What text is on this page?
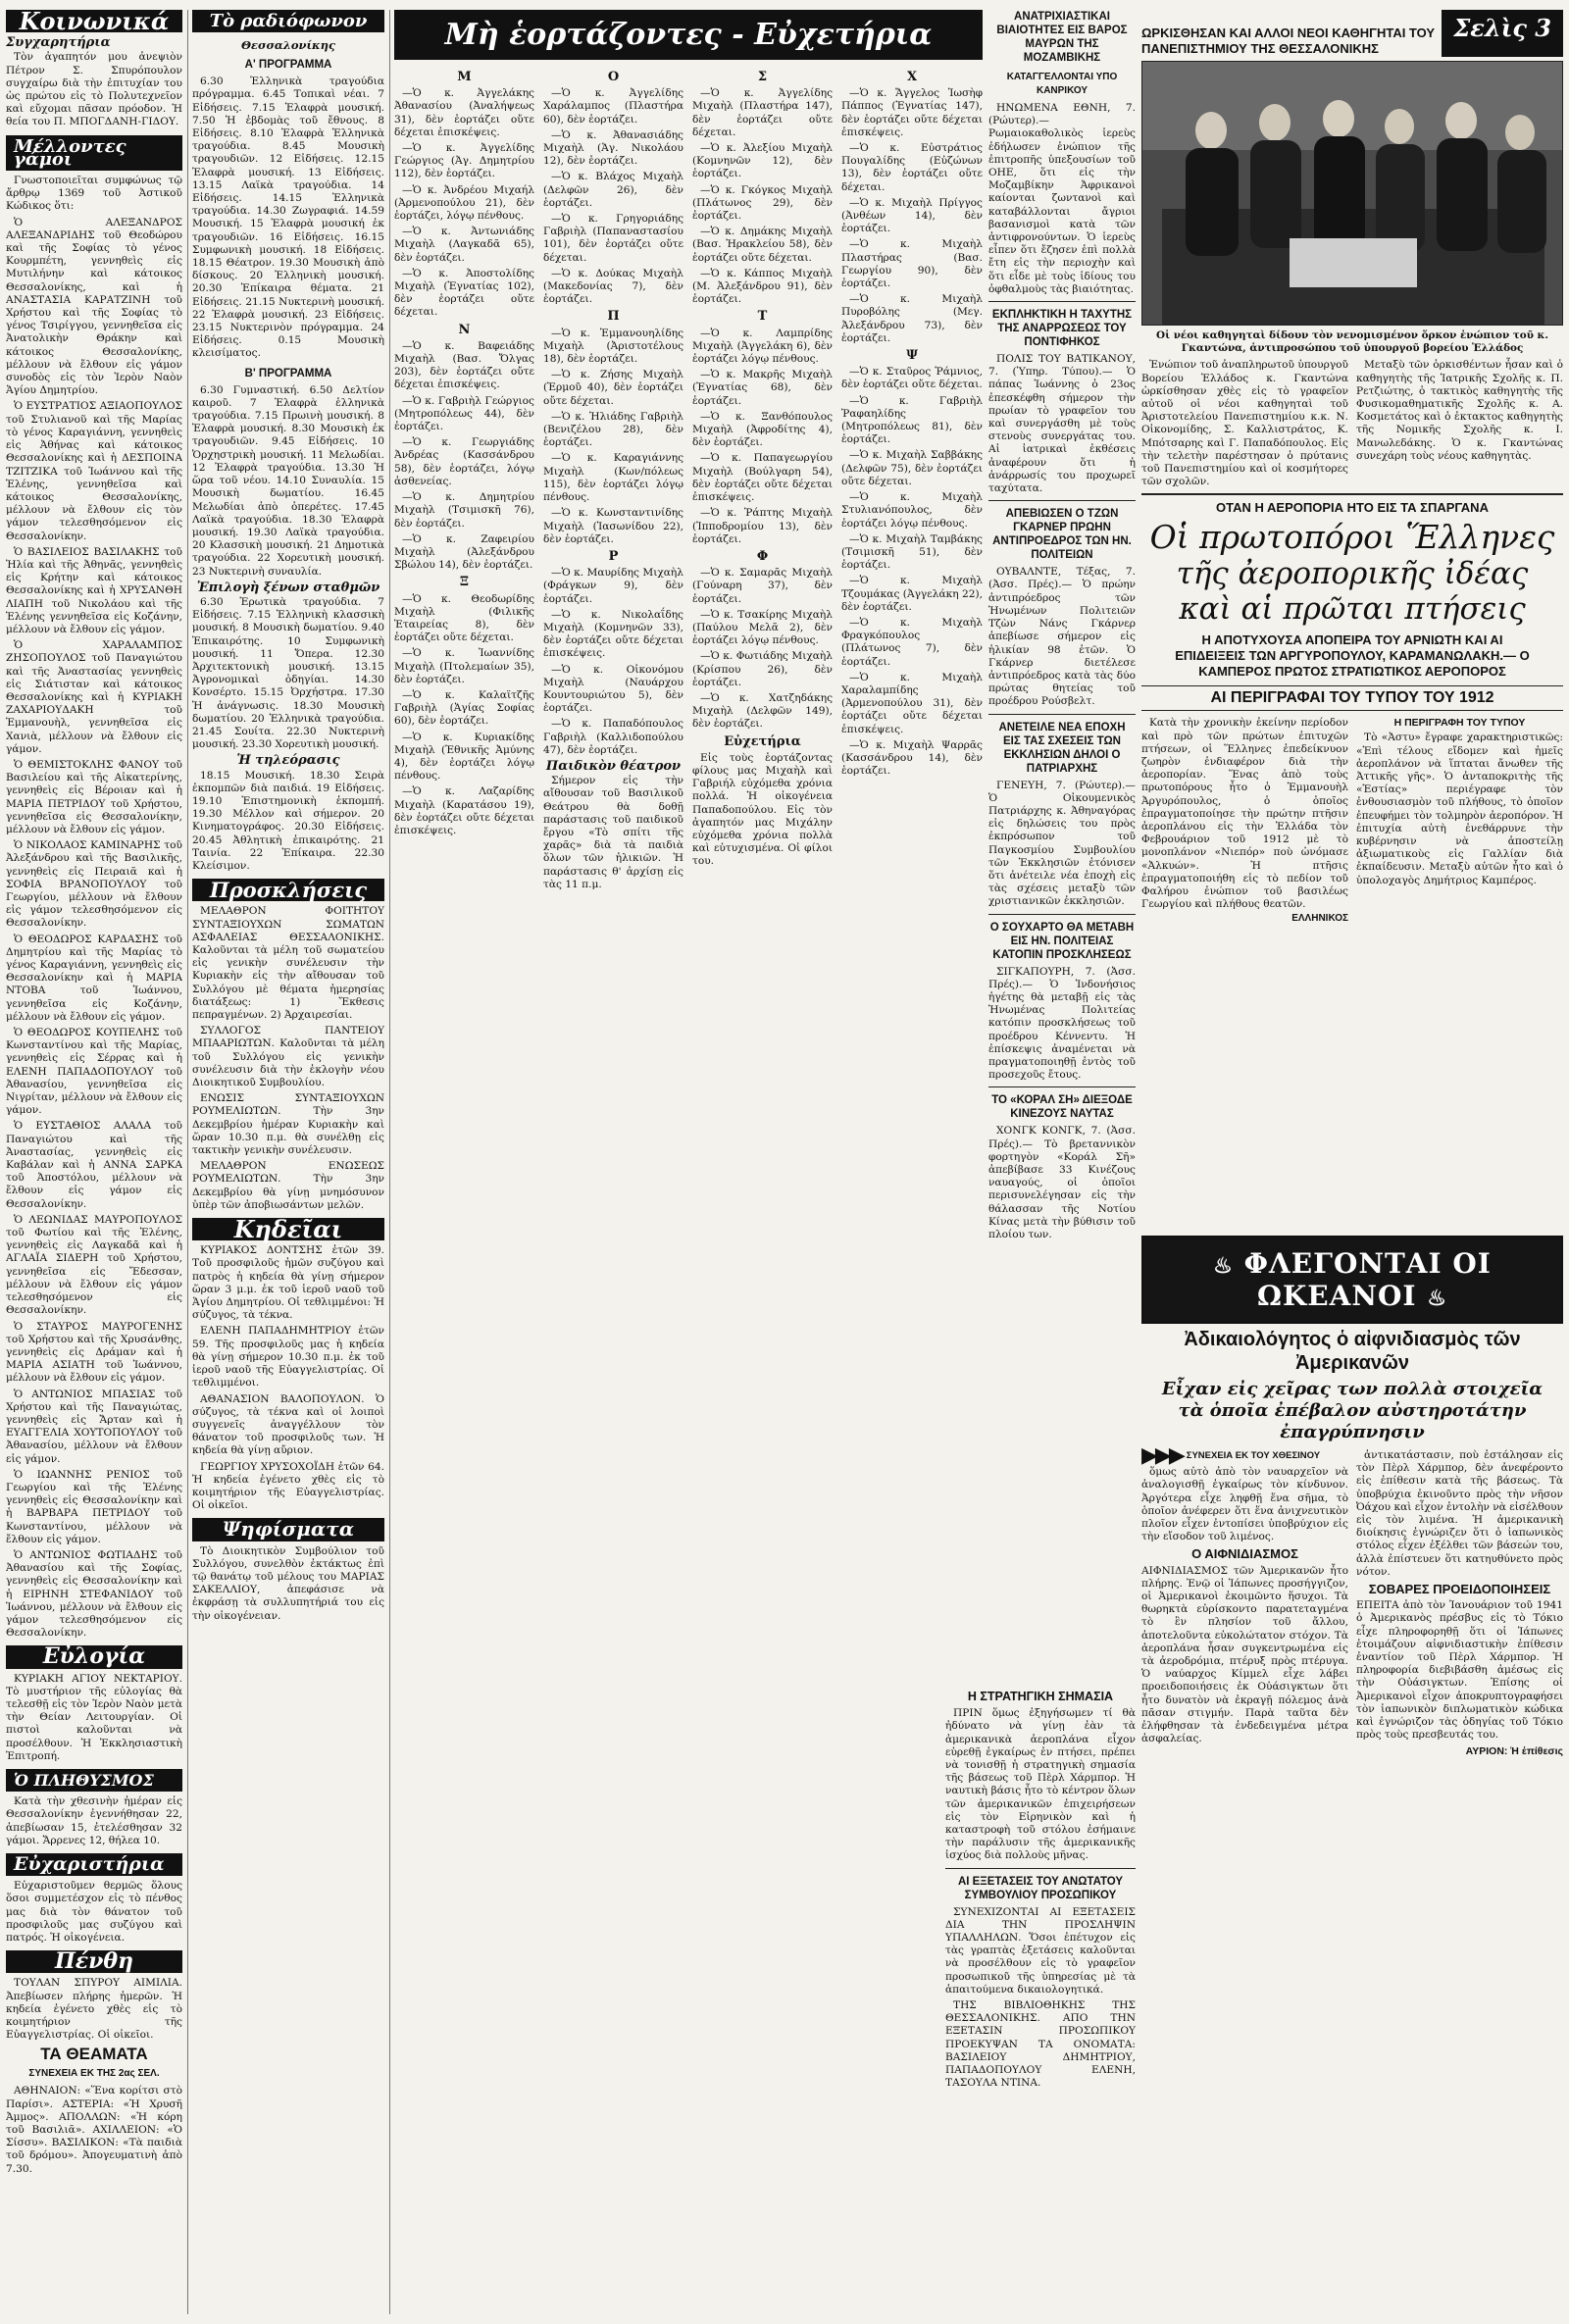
Κοινωνικά
Συγχαρητήρια

Τὸν ἀγαπητόν μου ἀνεψιὸν Πέτρον Σ. Σπυρόπουλον συγχαίρω διὰ τὴν ἐπιτυχίαν του ὡς πρώτου εἰς τὸ Πολυτεχνεῖον καὶ εὔχομαι πᾶσαν πρόοδον. Ἡ θεία του Π. ΜΠΟΓΔΑΝΗ-ΓΙΔΟΥ.

Μέλλοντες γάμοι

Γνωστοποιεῖται συμφώνως τῷ ἄρθρῳ 1369 τοῦ Ἀστικοῦ Κώδικος ὅτι:

Ὁ ΑΛΕΞΑΝΔΡΟΣ ΑΛΕΞΑΝΔΡΙΔΗΣ τοῦ Θεοδώρου καὶ τῆς Σοφίας τὸ γένος Κουρμπέτη, γεννηθεὶς εἰς Μυτιλήνην καὶ κάτοικος Θεσσαλονίκης, καὶ ἡ ΑΝΑΣΤΑΣΙΑ ΚΑΡΑΤΖΙΝΗ τοῦ Χρήστου καὶ τῆς Σοφίας τὸ γένος Τσιρίγγου, γεννηθεῖσα εἰς Ἀνατολικὴν Θράκην καὶ κάτοικος Θεσσαλονίκης, μέλλουν νὰ ἔλθουν εἰς γάμον συνοδὸς εἰς τὸν Ἱερὸν Ναὸν Ἁγίου Δημητρίου.

Ὁ ΕΥΣΤΡΑΤΙΟΣ ΑΞΙΑΟΠΟΥΛΟΣ τοῦ Στυλιανοῦ καὶ τῆς Μαρίας τὸ γένος Καραγιάννη, γεννηθεὶς εἰς Ἀθήνας καὶ κάτοικος Θεσσαλονίκης καὶ ἡ ΔΕΣΠΟΙΝΑ ΤΖΙΤΖΙΚΑ τοῦ Ἰωάννου καὶ τῆς Ἑλένης, γεννηθεῖσα καὶ κάτοικος Θεσσαλονίκης, μέλλουν νὰ ἔλθουν εἰς τὸν γάμον τελεσθησόμενον εἰς Θεσσαλονίκην.

Ὁ ΒΑΣΙΛΕΙΟΣ ΒΑΣΙΛΑΚΗΣ τοῦ Ἠλία καὶ τῆς Ἀθηνᾶς, γεννηθεὶς εἰς Κρήτην καὶ κάτοικος Θεσσαλονίκης καὶ ἡ ΧΡΥΣΑΝΘΗ ΛΙΑΠΗ τοῦ Νικολάου καὶ τῆς Ἑλένης γεννηθεῖσα εἰς Κοζάνην, μέλλουν νὰ ἔλθουν εἰς γάμον.

Ὁ ΧΑΡΑΛΑΜΠΟΣ ΖΗΣΟΠΟΥΛΟΣ τοῦ Παναγιώτου καὶ τῆς Ἀναστασίας γεννηθεὶς εἰς Σιάτισταν καὶ κάτοικος Θεσσαλονίκης καὶ ἡ ΚΥΡΙΑΚΗ ΖΑΧΑΡΙΟΥΔΑΚΗ τοῦ Ἐμμανουὴλ, γεννηθεῖσα εἰς Χανιὰ, μέλλουν νὰ ἔλθουν εἰς γάμον.

Ὁ ΘΕΜΙΣΤΟΚΛΗΣ ΦΑΝΟΥ τοῦ Βασιλείου καὶ τῆς Αἰκατερίνης, γεννηθεὶς εἰς Βέροιαν καὶ ἡ ΜΑΡΙΑ ΠΕΤΡΙΔΟΥ τοῦ Χρήστου, γεννηθεῖσα εἰς Θεσσαλονίκην, μέλλουν νὰ ἔλθουν εἰς γάμον.

Ὁ ΝΙΚΟΛΑΟΣ ΚΑΜΙΝΑΡΗΣ τοῦ Ἀλεξάνδρου καὶ τῆς Βασιλικῆς, γεννηθεὶς εἰς Πειραιᾶ καὶ ἡ ΣΟΦΙΑ ΒΡΑΝΟΠΟΥΛΟΥ τοῦ Γεωργίου, μέλλουν νὰ ἔλθουν εἰς γάμον τελεσθησόμενον εἰς Θεσσαλονίκην.

Ὁ ΘΕΟΔΩΡΟΣ ΚΑΡΔΑΣΗΣ τοῦ Δημητρίου καὶ τῆς Μαρίας τὸ γένος Καραγιάννη, γεννηθεὶς εἰς Θεσσαλονίκην καὶ ἡ ΜΑΡΙΑ ΝΤΟΒΑ τοῦ Ἰωάννου, γεννηθεῖσα εἰς Κοζάνην, μέλλουν νὰ ἔλθουν εἰς γάμον.

Ὁ ΘΕΟΔΩΡΟΣ ΚΟΥΠΕΛΗΣ τοῦ Κωνσταντίνου καὶ τῆς Μαρίας, γεννηθεὶς εἰς Σέρρας καὶ ἡ ΕΛΕΝΗ ΠΑΠΑΔΟΠΟΥΛΟΥ τοῦ Ἀθανασίου, γεννηθεῖσα εἰς Νιγρίταν, μέλλουν νὰ ἔλθουν εἰς γάμον.

Ὁ ΕΥΣΤΑΘΙΟΣ ΑΛΑΛΑ τοῦ Παναγιώτου καὶ τῆς Ἀναστασίας, γεννηθεὶς εἰς Καβάλαν καὶ ἡ ΑΝΝΑ ΣΑΡΚΑ τοῦ Ἀποστόλου, μέλλουν νὰ ἔλθουν εἰς γάμον εἰς Θεσσαλονίκην.

Ὁ ΛΕΩΝΙΔΑΣ ΜΑΥΡΟΠΟΥΛΟΣ τοῦ Φωτίου καὶ τῆς Ἑλένης, γεννηθεὶς εἰς Λαγκαδᾶ καὶ ἡ ΑΓΛΑΪΑ ΣΙΔΕΡΗ τοῦ Χρήστου, γεννηθεῖσα εἰς Ἔδεσσαν, μέλλουν νὰ ἔλθουν εἰς γάμον τελεσθησόμενον εἰς Θεσσαλονίκην.

Ὁ ΣΤΑΥΡΟΣ ΜΑΥΡΟΓΕΝΗΣ τοῦ Χρήστου καὶ τῆς Χρυσάνθης, γεννηθεὶς εἰς Δράμαν καὶ ἡ ΜΑΡΙΑ ΑΣΙΑΤΗ τοῦ Ἰωάννου, μέλλουν νὰ ἔλθουν εἰς γάμον.

Ὁ ΑΝΤΩΝΙΟΣ ΜΠΑΣΙΑΣ τοῦ Χρήστου καὶ τῆς Παναγιώτας, γεννηθεὶς εἰς Ἄρταν καὶ ἡ ΕΥΑΓΓΕΛΙΑ ΧΟΥΤΟΠΟΥΛΟΥ τοῦ Ἀθανασίου, μέλλουν νὰ ἔλθουν εἰς γάμον.

Ὁ ΙΩΑΝΝΗΣ ΡΕΝΙΟΣ τοῦ Γεωργίου καὶ τῆς Ἑλένης γεννηθεὶς εἰς Θεσσαλονίκην καὶ ἡ ΒΑΡΒΑΡΑ ΠΕΤΡΙΔΟΥ τοῦ Κωνσταντίνου, μέλλουν νὰ ἔλθουν εἰς γάμον.

Ὁ ΑΝΤΩΝΙΟΣ ΦΩΤΙΑΔΗΣ τοῦ Ἀθανασίου καὶ τῆς Σοφίας, γεννηθεὶς εἰς Θεσσαλονίκην καὶ ἡ ΕΙΡΗΝΗ ΣΤΕΦΑΝΙΔΟΥ τοῦ Ἰωάννου, μέλλουν νὰ ἔλθουν εἰς γάμον τελεσθησόμενον εἰς Θεσσαλονίκην.

Εὐλογία

ΚΥΡΙΑΚΗ ΑΓΙΟΥ ΝΕΚΤΑΡΙΟΥ. Τὸ μυστήριον τῆς εὐλογίας θὰ τελεσθῇ εἰς τὸν Ἱερὸν Ναὸν μετὰ τὴν Θείαν Λειτουργίαν. Οἱ πιστοὶ καλοῦνται νὰ προσέλθουν. Ἡ Ἐκκλησιαστικὴ Ἐπιτροπή.

Ὁ ΠΛΗΘΥΣΜΟΣ

Κατὰ τὴν χθεσινὴν ἡμέραν εἰς Θεσσαλονίκην ἐγεννήθησαν 22, ἀπεβίωσαν 15, ἐτελέσθησαν 32 γάμοι. Ἄρρενες 12, θήλεα 10.

Εὐχαριστήρια

Εὐχαριστοῦμεν θερμῶς ὅλους ὅσοι συμμετέσχον εἰς τὸ πένθος μας διὰ τὸν θάνατον τοῦ προσφιλοῦς μας συζύγου καὶ πατρός. Ἡ οἰκογένεια.

Πένθη

ΤΟΥΛΑΝ ΣΠΥΡΟΥ ΑΙΜΙΛΙΑ. Ἀπεβίωσεν πλήρης ἡμερῶν. Ἡ κηδεία ἐγένετο χθὲς εἰς τὸ κοιμητήριον τῆς Εὐαγγελιστρίας. Οἱ οἰκεῖοι.

ΤΑ ΘΕΑΜΑΤΑ
ΣΥΝΕΧΕΙΑ ΕΚ ΤΗΣ 2ας ΣΕΛ.

ΑΘΗΝΑΙΟΝ: «Ἕνα κορίτσι στὸ Παρίσι». ΑΣΤΕΡΙΑ: «Ἡ Χρυσῆ Ἀμμος». ΑΠΟΛΛΩΝ: «Ἡ κόρη τοῦ Βασιλιᾶ». ΑΧΙΛΛΕΙΟΝ: «Ὁ Σίσσυ». ΒΑΣΙΛΙΚΟΝ: «Τὰ παιδιὰ τοῦ δρόμου». Ἀπογευματινὴ ἀπὸ 7.30.

Τὸ ραδιόφωνον
Θεσσαλονίκης
Α' ΠΡΟΓΡΑΜΜΑ

6.30 Ἐλληνικὰ τραγούδια πρόγραμμα. 6.45 Τοπικαὶ νέαι. 7 Εἰδήσεις. 7.15 Ἑλαφρὰ μουσική. 7.50 Ἡ ἑβδομὰς τοῦ ἔθνους. 8 Εἰδήσεις. 8.10 Ἑλαφρὰ Ἑλληνικὰ τραγούδια. 8.45 Μουσικὴ τραγουδιῶν. 12 Εἰδήσεις. 12.15 Ἐλαφρὰ μουσική. 13 Εἰδήσεις. 13.15 Λαϊκὰ τραγούδια. 14 Εἰδήσεις. 14.15 Ἑλληνικὰ τραγούδια. 14.30 Ζωγραφιά. 14.59 Μουσική. 15 Ἑλαφρὰ μουσική ἐκ τραγουδιῶν. 16 Εἰδήσεις. 16.15 Συμφωνικὴ μουσική. 18 Εἰδήσεις. 18.15 Θέατρον. 19.30 Μουσικὴ ἀπὸ δίσκους. 20 Ἑλληνικὴ μουσική. 20.30 Ἐπίκαιρα θέματα. 21 Εἰδήσεις. 21.15 Νυκτερινὴ μουσική. 22 Ἑλαφρὰ μουσική. 23 Εἰδήσεις. 23.15 Νυκτερινὸν πρόγραμμα. 24 Εἰδήσεις. 0.15 Μουσικὴ κλεισίματος.

Β' ΠΡΟΓΡΑΜΜΑ

6.30 Γυμναστική. 6.50 Δελτίον καιροῦ. 7 Ἑλαφρὰ ἑλληνικὰ τραγούδια. 7.15 Πρωινὴ μουσική. 8 Ἑλαφρὰ μουσική. 8.30 Μουσικὴ ἐκ τραγουδιῶν. 9.45 Εἰδήσεις. 10 Ὁρχηστρικὴ μουσική. 11 Μελωδίαι. 12 Ἐλαφρὰ τραγούδια. 13.30 Ἡ ὥρα τοῦ νέου. 14.10 Συναυλία. 15 Μουσικὴ δωματίου. 16.45 Μελωδίαι ἀπὸ ὀπερέτες. 17.45 Λαϊκὰ τραγούδια. 18.30 Ἑλαφρὰ μουσική. 19.30 Λαϊκὰ τραγούδια. 20 Κλασσικὴ μουσική. 21 Δημοτικὰ τραγούδια. 22 Χορευτικὴ μουσική. 23 Νυκτερινὴ συναυλία.

Ἐπιλογὴ ξένων σταθμῶν

6.30 Ἐρωτικὰ τραγούδια. 7 Εἰδήσεις. 7.15 Ἑλληνικὴ κλασσικὴ μουσική. 8 Μουσικὴ δωματίου. 9.40 Ἐπικαιρότης. 10 Συμφωνικὴ μουσική. 11 Ὄπερα. 12.30 Ἀρχιτεκτονικὴ μουσική. 13.15 Ἀγρονομικαὶ ὁδηγίαι. 14.30 Κονσέρτο. 15.15 Ὀρχήστρα. 17.30 Ἡ ἀνάγνωσις. 18.30 Μουσικὴ δωματίου. 20 Ἑλληνικὰ τραγούδια. 21.45 Σουίτα. 22.30 Νυκτερινὴ μουσική. 23.30 Χορευτικὴ μουσική.

Ἡ τηλεόρασις

18.15 Μουσική. 18.30 Σειρὰ ἐκπομπῶν διὰ παιδιά. 19 Εἰδήσεις. 19.10 Ἐπιστημονικὴ ἐκπομπή. 19.30 Μέλλον καὶ σήμερον. 20 Κινηματογράφος. 20.30 Εἰδήσεις. 20.45 Ἀθλητικὴ ἐπικαιρότης. 21 Ταινία. 22 Ἐπίκαιρα. 22.30 Κλείσιμον.

Προσκλήσεις

ΜΕΛΑΘΡΟΝ ΦΟΙΤΗΤΟΥ ΣΥΝΤΑΞΙΟΥΧΩΝ ΣΩΜΑΤΩΝ ΑΣΦΑΛΕΙΑΣ ΘΕΣΣΑΛΟΝΙΚΗΣ. Καλοῦνται τὰ μέλη τοῦ σωματείου εἰς γενικὴν συνέλευσιν τὴν Κυριακὴν εἰς τὴν αἴθουσαν τοῦ Συλλόγου μὲ θέματα ἡμερησίας διατάξεως: 1) Ἔκθεσις πεπραγμένων. 2) Ἀρχαιρεσίαι.

ΣΥΛΛΟΓΟΣ ΠΑΝΤΕΙΟΥ ΜΠΑΑΡΙΩΤΩΝ. Καλοῦνται τὰ μέλη τοῦ Συλλόγου εἰς γενικὴν συνέλευσιν διὰ τὴν ἐκλογὴν νέου Διοικητικοῦ Συμβουλίου.

ΕΝΩΣΙΣ ΣΥΝΤΑΞΙΟΥΧΩΝ ΡΟΥΜΕΛΙΩΤΩΝ. Τὴν 3ην Δεκεμβρίου ἡμέραν Κυριακὴν καὶ ὥραν 10.30 π.μ. θὰ συνέλθῃ εἰς τακτικὴν γενικὴν συνέλευσιν.

ΜΕΛΑΘΡΟΝ ΕΝΩΣΕΩΣ ΡΟΥΜΕΛΙΩΤΩΝ. Τὴν 3ην Δεκεμβρίου θὰ γίνῃ μνημόσυνον ὑπὲρ τῶν ἀποβιωσάντων μελῶν.

Κηδεῖαι

ΚΥΡΙΑΚΟΣ ΔΟΝΤΣΗΣ ἐτῶν 39. Τοῦ προσφιλοῦς ἡμῶν συζύγου καὶ πατρὸς ἡ κηδεία θὰ γίνῃ σήμερον ὥραν 3 μ.μ. ἐκ τοῦ ἱεροῦ ναοῦ τοῦ Ἁγίου Δημητρίου. Οἱ τεθλιμμένοι: Ἡ σύζυγος, τὰ τέκνα.

ΕΛΕΝΗ ΠΑΠΑΔΗΜΗΤΡΙΟΥ ἐτῶν 59. Τῆς προσφιλοῦς μας ἡ κηδεία θὰ γίνῃ σήμερον 10.30 π.μ. ἐκ τοῦ ἱεροῦ ναοῦ τῆς Εὐαγγελιστρίας. Οἱ τεθλιμμένοι.

ΑΘΑΝΑΣΙΟΝ ΒΑΛΟΠΟΥΛΟΝ. Ὁ σύζυγος, τὰ τέκνα καὶ οἱ λοιποὶ συγγενεῖς ἀναγγέλλουν τὸν θάνατον τοῦ προσφιλοῦς των. Ἡ κηδεία θὰ γίνῃ αὔριον.

ΓΕΩΡΓΙΟΥ ΧΡΥΣΟΧΟΪΔΗ ἐτῶν 64. Ἡ κηδεία ἐγένετο χθὲς εἰς τὸ κοιμητήριον τῆς Εὐαγγελιστρίας. Οἱ οἰκεῖοι.

Ψηφίσματα

Τὸ Διοικητικὸν Συμβούλιον τοῦ Συλλόγου, συνελθὸν ἐκτάκτως ἐπὶ τῷ θανάτῳ τοῦ μέλους του ΜΑΡΙΑΣ ΣΑΚΕΛΛΙΟΥ, ἀπεφάσισε νὰ ἐκφράσῃ τὰ συλλυπητήριά του εἰς τὴν οἰκογένειαν.

Μὴ ἑορτάζοντες - Εὐχετήρια
Μ

—Ὁ κ. Ἀγγελάκης Ἀθανασίου (Ἀναλήψεως 31), δὲν ἑορτάζει οὔτε δέχεται ἐπισκέψεις.

—Ὁ κ. Ἀγγελίδης Γεώργιος (Ἀγ. Δημητρίου 112), δὲν ἑορτάζει.

—Ὁ κ. Ἀνδρέου Μιχαήλ (Ἀρμενοπούλου 21), δὲν ἑορτάζει, λόγῳ πένθους.

—Ὁ κ. Ἀντωνιάδης Μιχαὴλ (Λαγκαδᾶ 65), δὲν ἑορτάζει.

—Ὁ κ. Ἀποστολίδης Μιχαὴλ (Ἐγνατίας 102), δὲν ἑορτάζει οὔτε δέχεται.

Ν

—Ὁ κ. Βαφειάδης Μιχαὴλ (Βασ. Ὄλγας 203), δὲν ἑορτάζει οὔτε δέχεται ἐπισκέψεις.

—Ὁ κ. Γαβριὴλ Γεώργιος (Μητροπόλεως 44), δὲν ἑορτάζει.

—Ὁ κ. Γεωργιάδης Ἀνδρέας (Κασσάνδρου 58), δὲν ἑορτάζει, λόγῳ ἀσθενείας.

—Ὁ κ. Δημητρίου Μιχαὴλ (Τσιμισκῆ 76), δὲν ἑορτάζει.

—Ὁ κ. Ζαφειρίου Μιχαὴλ (Ἀλεξάνδρου Σβώλου 14), δὲν ἑορτάζει.

Ξ

—Ὁ κ. Θεοδωρίδης Μιχαὴλ (Φιλικῆς Ἑταιρείας 8), δὲν ἑορτάζει οὔτε δέχεται.

—Ὁ κ. Ἰωαννίδης Μιχαὴλ (Πτολεμαίων 35), δὲν ἑορτάζει.

—Ὁ κ. Καλαϊτζῆς Γαβριὴλ (Ἁγίας Σοφίας 60), δὲν ἑορτάζει.

—Ὁ κ. Κυριακίδης Μιχαὴλ (Ἐθνικῆς Ἀμύνης 4), δὲν ἑορτάζει λόγῳ πένθους.

—Ὁ κ. Λαζαρίδης Μιχαὴλ (Καρατάσου 19), δὲν ἑορτάζει οὔτε δέχεται ἐπισκέψεις.

Ο

—Ὁ κ. Ἀγγελίδης Χαράλαμπος (Πλαστήρα 60), δὲν ἑορτάζει.

—Ὁ κ. Ἀθανασιάδης Μιχαὴλ (Ἁγ. Νικολάου 12), δὲν ἑορτάζει.

—Ὁ κ. Βλάχος Μιχαὴλ (Δελφῶν 26), δὲν ἑορτάζει.

—Ὁ κ. Γρηγοριάδης Γαβριὴλ (Παπαναστασίου 101), δὲν ἑορτάζει οὔτε δέχεται.

—Ὁ κ. Δούκας Μιχαὴλ (Μακεδονίας 7), δὲν ἑορτάζει.

Π

—Ὁ κ. Ἐμμανουηλίδης Μιχαὴλ (Ἀριστοτέλους 18), δὲν ἑορτάζει.

—Ὁ κ. Ζήσης Μιχαὴλ (Ἑρμοῦ 40), δὲν ἑορτάζει οὔτε δέχεται.

—Ὁ κ. Ἠλιάδης Γαβριὴλ (Βενιζέλου 28), δὲν ἑορτάζει.

—Ὁ κ. Καραγιάννης Μιχαὴλ (Κων/πόλεως 115), δὲν ἑορτάζει λόγῳ πένθους.

—Ὁ κ. Κωνσταντινίδης Μιχαὴλ (Ἰασωνίδου 22), δὲν ἑορτάζει.

Ρ

—Ὁ κ. Μαυρίδης Μιχαὴλ (Φράγκων 9), δὲν ἑορτάζει.

—Ὁ κ. Νικολαΐδης Μιχαὴλ (Κομνηνῶν 33), δὲν ἑορτάζει οὔτε δέχεται ἐπισκέψεις.

—Ὁ κ. Οἰκονόμου Μιχαὴλ (Ναυάρχου Κουντουριώτου 5), δὲν ἑορτάζει.

—Ὁ κ. Παπαδόπουλος Γαβριὴλ (Καλλιδοπούλου 47), δὲν ἑορτάζει.

Παιδικὸν θέατρον

Σήμερον εἰς τὴν αἴθουσαν τοῦ Βασιλικοῦ Θεάτρου θὰ δοθῇ παράστασις τοῦ παιδικοῦ ἔργου «Τὸ σπίτι τῆς χαρᾶς» διὰ τὰ παιδιὰ ὅλων τῶν ἡλικιῶν. Ἡ παράστασις θ' ἀρχίσῃ εἰς τὰς 11 π.μ.

Σ

—Ὁ κ. Ἀγγελίδης Μιχαὴλ (Πλαστήρα 147), δὲν ἑορτάζει οὔτε δέχεται.

—Ὁ κ. Ἀλεξίου Μιχαὴλ (Κομνηνῶν 12), δὲν ἑορτάζει.

—Ὁ κ. Γκόγκος Μιχαὴλ (Πλάτωνος 29), δὲν ἑορτάζει.

—Ὁ κ. Δημάκης Μιχαὴλ (Βασ. Ἡρακλείου 58), δὲν ἑορτάζει οὔτε δέχεται.

—Ὁ κ. Κάππος Μιχαὴλ (Μ. Ἀλεξάνδρου 91), δὲν ἑορτάζει.

Τ

—Ὁ κ. Λαμπρίδης Μιχαὴλ (Ἀγγελάκη 6), δὲν ἑορτάζει λόγῳ πένθους.

—Ὁ κ. Μακρῆς Μιχαὴλ (Ἐγνατίας 68), δὲν ἑορτάζει.

—Ὁ κ. Ξανθόπουλος Μιχαὴλ (Ἀφροδίτης 4), δὲν ἑορτάζει.

—Ὁ κ. Παπαγεωργίου Μιχαὴλ (Βούλγαρη 54), δὲν ἑορτάζει οὔτε δέχεται ἐπισκέψεις.

—Ὁ κ. Ῥάπτης Μιχαὴλ (Ἰπποδρομίου 13), δὲν ἑορτάζει.

Φ

—Ὁ κ. Σαμαρᾶς Μιχαὴλ (Γούναρη 37), δὲν ἑορτάζει.

—Ὁ κ. Τσακίρης Μιχαὴλ (Παύλου Μελᾶ 2), δὲν ἑορτάζει λόγῳ πένθους.

—Ὁ κ. Φωτιάδης Μιχαὴλ (Κρίσπου 26), δὲν ἑορτάζει.

—Ὁ κ. Χατζηδάκης Μιχαὴλ (Δελφῶν 149), δὲν ἑορτάζει.

Εὐχετήρια

Εἰς τοὺς ἑορτάζοντας φίλους μας Μιχαὴλ καὶ Γαβριήλ εὐχόμεθα χρόνια πολλά. Ἡ οἰκογένεια Παπαδοπούλου. Εἰς τὸν ἀγαπητόν μας Μιχάλην εὐχόμεθα χρόνια πολλὰ καὶ εὐτυχισμένα. Οἱ φίλοι του.

Χ

—Ὁ κ. Ἄγγελος Ἰωσὴφ Πάππος (Ἐγνατίας 147), δὲν ἑορτάζει οὔτε δέχεται ἐπισκέψεις.

—Ὁ κ. Εὐστράτιος Πουγαλίδης (Εὐζώνων 13), δὲν ἑορτάζει οὔτε δέχεται.

—Ὁ κ. Μιχαὴλ Πρίγγος (Ἀνθέων 14), δὲν ἑορτάζει.

—Ὁ κ. Μιχαὴλ Πλαστήρας (Βασ. Γεωργίου 90), δὲν ἑορτάζει.

—Ὁ κ. Μιχαὴλ Πυροβόλης (Μεγ. Ἀλεξάνδρου 73), δὲν ἑορτάζει.

Ψ

—Ὁ κ. Σταῦρος Ῥάμνιος, δὲν ἑορτάζει οὔτε δέχεται.

—Ὁ κ. Γαβριὴλ Ῥαφαηλίδης (Μητροπόλεως 81), δὲν ἑορτάζει.

—Ὁ κ. Μιχαὴλ Σαββάκης (Δελφῶν 75), δὲν ἑορτάζει οὔτε δέχεται.

—Ὁ κ. Μιχαὴλ Στυλιανόπουλος, δὲν ἑορτάζει λόγῳ πένθους.

—Ὁ κ. Μιχαὴλ Ταμβάκης (Τσιμισκῆ 51), δὲν ἑορτάζει.

—Ὁ κ. Μιχαὴλ Τζουμάκας (Ἀγγελάκη 22), δὲν ἑορτάζει.

—Ὁ κ. Μιχαὴλ Φραγκόπουλος (Πλάτωνος 7), δὲν ἑορτάζει.

—Ὁ κ. Μιχαὴλ Χαραλαμπίδης (Ἀρμενοπούλου 31), δὲν ἑορτάζει οὔτε δέχεται ἐπισκέψεις.

—Ὁ κ. Μιχαὴλ Ψαρρᾶς (Κασσάνδρου 14), δὲν ἑορτάζει.

ΑΝΑΤΡΙΧΙΑΣΤΙΚΑΙ ΒΙΑΙΟΤΗΤΕΣ ΕΙΣ ΒΑΡΟΣ ΜΑΥΡΩΝ ΤΗΣ ΜΟΖΑΜΒΙΚΗΣ
ΚΑΤΑΓΓΕΛΛΟΝΤΑΙ ΥΠΟ ΚΑΝΡΙΚΟΥ

ΗΝΩΜΕΝΑ ΕΘΝΗ, 7. (Ρώυτερ).— Ρωμαιοκαθολικὸς ἱερεὺς ἐδήλωσεν ἐνώπιον τῆς ἐπιτροπῆς ὑπεξουσίων τοῦ ΟΗΕ, ὅτι εἰς τὴν Μοζαμβίκην Ἀφρικανοὶ καίονται ζωντανοὶ καὶ καταβάλλονται ἄγριοι βασανισμοὶ κατὰ τῶν ἀντιφρονούντων. Ὁ ἱερεὺς εἶπεν ὅτι ἔζησεν ἐπὶ πολλὰ ἔτη εἰς τὴν περιοχὴν καὶ ὅτι εἶδε μὲ τοὺς ἰδίους του ὀφθαλμοὺς τὰς βιαιότητας.

ΕΚΠΛΗΚΤΙΚΗ Η ΤΑΧΥΤΗΣ ΤΗΣ ΑΝΑΡΡΩΣΕΩΣ ΤΟΥ ΠΟΝΤΙΦΗΚΟΣ

ΠΟΛΙΣ ΤΟΥ ΒΑΤΙΚΑΝΟΥ, 7. (Ὑπηρ. Τύπου).— Ὁ πάπας Ἰωάννης ὁ 23ος ἐπεσκέφθη σήμερον τὴν πρωίαν τὸ γραφεῖον του καὶ συνεργάσθη μὲ τοὺς στενοὺς συνεργάτας του. Αἱ ἰατρικαὶ ἐκθέσεις ἀναφέρουν ὅτι ἡ ἀνάρρωσίς του προχωρεῖ ταχύτατα.

ΑΠΕΒΙΩΣΕΝ Ο ΤΖΩΝ ΓΚΑΡΝΕΡ ΠΡΩΗΝ ΑΝΤΙΠΡΟΕΔΡΟΣ ΤΩΝ ΗΝ. ΠΟΛΙΤΕΙΩΝ

ΟΥΒΑΛΝΤΕ, Τέξας, 7. (Ἀσσ. Πρές).— Ὁ πρώην ἀντιπρόεδρος τῶν Ἡνωμένων Πολιτειῶν Τζὼν Νάνς Γκάρνερ ἀπεβίωσε σήμερον εἰς ἡλικίαν 98 ἐτῶν. Ὁ Γκάρνερ διετέλεσε ἀντιπρόεδρος κατὰ τὰς δύο πρώτας θητείας τοῦ προέδρου Ρούσβελτ.

ΑΝΕΤΕΙΛΕ ΝΕΑ ΕΠΟΧΗ ΕΙΣ ΤΑΣ ΣΧΕΣΕΙΣ ΤΩΝ ΕΚΚΛΗΣΙΩΝ ΔΗΛΟΙ Ο ΠΑΤΡΙΑΡΧΗΣ

ΓΕΝΕΥΗ, 7. (Ρώυτερ).— Ὁ Οἰκουμενικὸς Πατριάρχης κ. Ἀθηναγόρας εἰς δηλώσεις του πρὸς ἐκπρόσωπον τοῦ Παγκοσμίου Συμβουλίου τῶν Ἐκκλησιῶν ἐτόνισεν ὅτι ἀνέτειλε νέα ἐποχὴ εἰς τὰς σχέσεις μεταξὺ τῶν χριστιανικῶν ἐκκλησιῶν.

Ο ΣΟΥΧΑΡΤΟ ΘΑ ΜΕΤΑΒΗ ΕΙΣ ΗΝ. ΠΟΛΙΤΕΙΑΣ ΚΑΤΟΠΙΝ ΠΡΟΣΚΛΗΣΕΩΣ

ΣΙΓΚΑΠΟΥΡΗ, 7. (Ἀσσ. Πρές).— Ὁ Ἰνδονήσιος ἡγέτης θὰ μεταβῇ εἰς τὰς Ἡνωμένας Πολιτείας κατόπιν προσκλήσεως τοῦ προέδρου Κέννεντυ. Ἡ ἐπίσκεψις ἀναμένεται νὰ πραγματοποιηθῇ ἐντὸς τοῦ προσεχοῦς ἔτους.

ΤΟ «ΚΟΡΑΛ ΣΗ» ΔΙΕΞΟΔΕ ΚΙΝΕΖΟΥΣ ΝΑΥΤΑΣ

ΧΟΝΓΚ ΚΟΝΓΚ, 7. (Ἀσσ. Πρές).— Τὸ βρεταννικὸν φορτηγὸν «Κοράλ Σῆ» ἀπεβίβασε 33 Κινέζους ναυαγούς, οἱ ὁποῖοι περισυνελέγησαν εἰς τὴν θάλασσαν τῆς Νοτίου Κίνας μετὰ τὴν βύθισιν τοῦ πλοίου των.

ΩΡΚΙΣΘΗΣΑΝ ΚΑΙ ΑΛΛΟΙ ΝΕΟΙ ΚΑΘΗΓΗΤΑΙ ΤΟΥ ΠΑΝΕΠΙΣΤΗΜΙΟΥ ΤΗΣ ΘΕΣΣΑΛΟΝΙΚΗΣ
Σελὶς 3
Οἱ νέοι καθηγηταὶ δίδουν τὸν νενομισμένον ὅρκον ἐνώπιον τοῦ κ. Γκαντώνα, ἀντιπροσώπου τοῦ ὑπουργοῦ βορείου Ἑλλάδος

Ἐνώπιον τοῦ ἀναπληρωτοῦ ὑπουργοῦ Βορείου Ἑλλάδος κ. Γκαντώνα ὡρκίσθησαν χθὲς εἰς τὸ γραφεῖον αὐτοῦ οἱ νέοι καθηγηταὶ τοῦ Ἀριστοτελείου Πανεπιστημίου κ.κ. Ν. Οἰκονομίδης, Σ. Καλλιστράτος, Κ. Μπότσαρης καὶ Γ. Παπαδόπουλος. Εἰς τὴν τελετὴν παρέστησαν ὁ πρύτανις τοῦ Πανεπιστημίου καὶ οἱ κοσμήτορες τῶν σχολῶν.

Μεταξὺ τῶν ὁρκισθέντων ἦσαν καὶ ὁ καθηγητὴς τῆς Ἰατρικῆς Σχολῆς κ. Π. Ρετζιώτης, ὁ τακτικὸς καθηγητὴς τῆς Φυσικομαθηματικῆς Σχολῆς κ. Α. Κοσμετάτος καὶ ὁ ἐκτακτος καθηγητὴς τῆς Νομικῆς Σχολῆς κ. Ι. Μανωλεδάκης. Ὁ κ. Γκαντώνας συνεχάρη τοὺς νέους καθηγητὰς.

ΟΤΑΝ Η ΑΕΡΟΠΟΡΙΑ ΗΤΟ ΕΙΣ ΤΑ ΣΠΑΡΓΑΝΑ
Οἱ πρωτοπόροι Ἕλληνες
τῆς ἀεροπορικῆς ἰδέας
καὶ αἱ πρῶται πτήσεις
Η ΑΠΟΤΥΧΟΥΣΑ ΑΠΟΠΕΙΡΑ ΤΟΥ ΑΡΝΙΩΤΗ ΚΑΙ ΑΙ ΕΠΙΔΕΙΞΕΙΣ ΤΩΝ ΑΡΓΥΡΟΠΟΥΛΟΥ, ΚΑΡΑΜΑΝΩΛΑΚΗ.— Ο ΚΑΜΠΕΡΟΣ ΠΡΩΤΟΣ ΣΤΡΑΤΙΩΤΙΚΟΣ ΑΕΡΟΠΟΡΟΣ
ΑΙ ΠΕΡΙΓΡΑΦΑΙ ΤΟΥ ΤΥΠΟΥ ΤΟΥ 1912

Κατὰ τὴν χρονικὴν ἐκείνην περίοδον καὶ πρὸ τῶν πρώτων ἐπιτυχῶν πτήσεων, οἱ Ἕλληνες ἐπεδείκνυον ζωηρὸν ἐνδιαφέρον διὰ τὴν ἀεροπορίαν. Ἕνας ἀπὸ τοὺς πρωτοπόρους ἦτο ὁ Ἐμμανουὴλ Ἀργυρόπουλος, ὁ ὁποῖος ἐπραγματοποίησε τὴν πρώτην πτῆσιν ἀεροπλάνου εἰς τὴν Ἑλλάδα τὸν Φεβρουάριον τοῦ 1912 μὲ τὸ μονοπλάνον «Νιεπόρ» ποὺ ὠνόμασε «Ἀλκυών». Ἡ πτῆσις ἐπραγματοποιήθη εἰς τὸ πεδίον τοῦ Φαλήρου ἐνώπιον τοῦ βασιλέως Γεωργίου καὶ πλήθους θεατῶν.

ΕΛΛΗΝΙΚΟΣ
Η ΠΕΡΙΓΡΑΦΗ ΤΟΥ ΤΥΠΟΥ

Τὸ «Ἀστυ» ἔγραφε χαρακτηριστικῶς: «Ἐπὶ τέλους εἴδομεν καὶ ἡμεῖς ἀεροπλάνον νὰ ἵπταται ἄνωθεν τῆς Ἀττικῆς γῆς». Ὁ ἀνταποκριτὴς τῆς «Ἑστίας» περιέγραφε τὸν ἐνθουσιασμὸν τοῦ πλήθους, τὸ ὁποῖον ἐπευφήμει τὸν τολμηρὸν ἀεροπόρον. Ἡ ἐπιτυχία αὐτὴ ἐνεθάρρυνε τὴν κυβέρνησιν νὰ ἀποστείλῃ ἀξιωματικοὺς εἰς Γαλλίαν διὰ ἐκπαίδευσιν. Μεταξὺ αὐτῶν ἦτο καὶ ὁ ὑπολοχαγὸς Δημήτριος Καμπέρος.

♨ ΦΛΕΓΟΝΤΑΙ ΟΙ ΩΚΕΑΝΟΙ ♨
Ἀδικαιολόγητος ὁ αἰφνιδιασμὸς τῶν Ἀμερικανῶν
Εἶχαν εἰς χεῖρας των πολλὰ στοιχεῖα τὰ ὁποῖα ἐπέβαλον αὐστηροτάτην ἐπαγρύπνησιν
▶▶▶ ΣΥΝΕΧΕΙΑ ΕΚ ΤΟΥ ΧΘΕΣΙΝΟΥ

ὅμως αὐτὸ ἀπὸ τὸν ναυαρχεῖον νὰ ἀναλογισθῇ ἐγκαίρως τὸν κίνδυνον. Ἀργότερα εἶχε ληφθῇ ἕνα σῆμα, τὸ ὁποῖον ἀνέφερεν ὅτι ἕνα ἀνιχνευτικὸν πλοῖον εἶχεν ἐντοπίσει ὑποβρύχιον εἰς τὴν εἴσοδον τοῦ λιμένος.

Ο ΑΙΦΝΙΔΙΑΣΜΟΣ

ΑΙΦΝΙΔΙΑΣΜΟΣ τῶν Ἀμερικανῶν ἦτο πλήρης. Ἐνῷ οἱ Ἰάπωνες προσήγγιζον, οἱ Ἀμερικανοὶ ἐκοιμῶντο ἥσυχοι. Τὰ θωρηκτὰ εὑρίσκοντο παρατεταγμένα τὸ ἓν πλησίον τοῦ ἄλλου, ἀποτελοῦντα εὐκολώτατον στόχον. Τὰ ἀεροπλάνα ἦσαν συγκεντρωμένα εἰς τὰ ἀεροδρόμια, πτέρυξ πρὸς πτέρυγα. Ὁ ναύαρχος Κίμμελ εἶχε λάβει προειδοποιήσεις ἐκ Οὐάσιγκτων ὅτι ἦτο δυνατὸν νὰ ἐκραγῇ πόλεμος ἀνὰ πᾶσαν στιγμήν. Παρὰ ταῦτα δὲν ἐλήφθησαν τὰ ἐνδεδειγμένα μέτρα ἀσφαλείας.

ἀντικατάστασιν, ποὺ ἐστάλησαν εἰς τὸν Πὲρλ Χάρμπορ, δὲν ἀνεφέροντο εἰς ἐπίθεσιν κατὰ τῆς βάσεως. Τὰ ὑποβρύχια ἐκινοῦντο πρὸς τὴν νῆσον Ὀάχου καὶ εἶχον ἐντολὴν νὰ εἰσέλθουν εἰς τὸν λιμένα. Ἡ ἀμερικανικὴ διοίκησις ἐγνώριζεν ὅτι ὁ ἰαπωνικὸς στόλος εἶχεν ἐξέλθει τῶν βάσεών του, ἀλλὰ ἐπίστευεν ὅτι κατηυθύνετο πρὸς νότον.

ΣΟΒΑΡΕΣ ΠΡΟΕΙΔΟΠΟΙΗΣΕΙΣ

ΕΠΕΙΤΑ ἀπὸ τὸν Ἰανουάριον τοῦ 1941 ὁ Ἀμερικανὸς πρέσβυς εἰς τὸ Τόκιο εἶχε πληροφορηθῇ ὅτι οἱ Ἰάπωνες ἑτοιμάζουν αἰφνιδιαστικὴν ἐπίθεσιν ἐναντίον τοῦ Πὲρλ Χάρμπορ. Ἡ πληροφορία διεβιβάσθη ἀμέσως εἰς τὴν Οὐάσιγκτων. Ἐπίσης οἱ Ἀμερικανοὶ εἶχον ἀποκρυπτογραφήσει τὸν ἰαπωνικὸν διπλωματικὸν κώδικα καὶ ἐγνώριζον τὰς ὁδηγίας τοῦ Τόκιο πρὸς τοὺς πρεσβευτάς του.

ΑΥΡΙΟΝ: Ἡ ἐπίθεσις
Η ΣΤΡΑΤΗΓΙΚΗ ΣΗΜΑΣΙΑ

ΠΡΙΝ ὅμως ἐξηγήσωμεν τί θὰ ἠδύνατο νὰ γίνῃ ἐὰν τὰ ἀμερικανικὰ ἀεροπλάνα εἶχον εὑρεθῇ ἐγκαίρως ἐν πτήσει, πρέπει νὰ τονισθῇ ἡ στρατηγικὴ σημασία τῆς βάσεως τοῦ Πὲρλ Χάρμπορ. Ἡ ναυτικὴ βάσις ἦτο τὸ κέντρον ὅλων τῶν ἀμερικανικῶν ἐπιχειρήσεων εἰς τὸν Εἰρηνικὸν καὶ ἡ καταστροφὴ τοῦ στόλου ἐσήμαινε τὴν παράλυσιν τῆς ἀμερικανικῆς ἰσχύος διὰ πολλοὺς μῆνας.

ΑΙ ΕΞΕΤΑΣΕΙΣ ΤΟΥ ΑΝΩΤΑΤΟΥ ΣΥΜΒΟΥΛΙΟΥ ΠΡΟΣΩΠΙΚΟΥ

ΣΥΝΕΧΙΖΟΝΤΑΙ ΑΙ ΕΞΕΤΑΣΕΙΣ ΔΙΑ ΤΗΝ ΠΡΟΣΛΗΨΙΝ ΥΠΑΛΛΗΛΩΝ. Ὅσοι ἐπέτυχον εἰς τὰς γραπτὰς ἐξετάσεις καλοῦνται νὰ προσέλθουν εἰς τὸ γραφεῖον προσωπικοῦ τῆς ὑπηρεσίας μὲ τὰ ἀπαιτούμενα δικαιολογητικά.

ΤΗΣ ΒΙΒΛΙΟΘΗΚΗΣ ΤΗΣ ΘΕΣΣΑΛΟΝΙΚΗΣ. ΑΠΟ ΤΗΝ ΕΞΕΤΑΣΙΝ ΠΡΟΣΩΠΙΚΟΥ ΠΡΟΕΚΥΨΑΝ ΤΑ ΟΝΟΜΑΤΑ: ΒΑΣΙΛΕΙΟΥ ΔΗΜΗΤΡΙΟΥ, ΠΑΠΑΔΟΠΟΥΛΟΥ ΕΛΕΝΗ, ΤΑΣΟΥΛΑ ΝΤΙΝΑ.
